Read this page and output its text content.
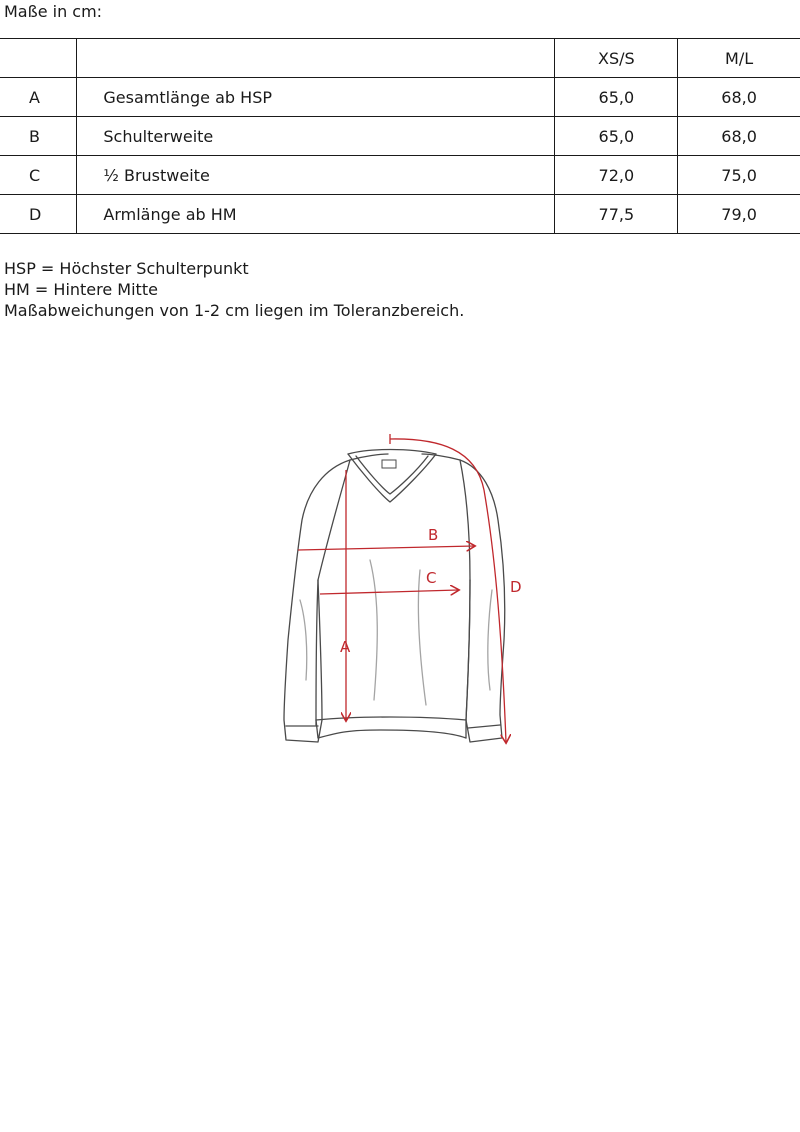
Maße in cm:
		XS/S	M/L
A	Gesamtlänge ab HSP	65,0	68,0
B	Schulterweite	65,0	68,0
C	½ Brustweite	72,0	75,0
D	Armlänge ab HM	77,5	79,0
HSP = Höchster Schulterpunkt
HM = Hintere Mitte
Maßabweichungen von 1-2 cm liegen im Toleranzbereich.
A
B
C	D
